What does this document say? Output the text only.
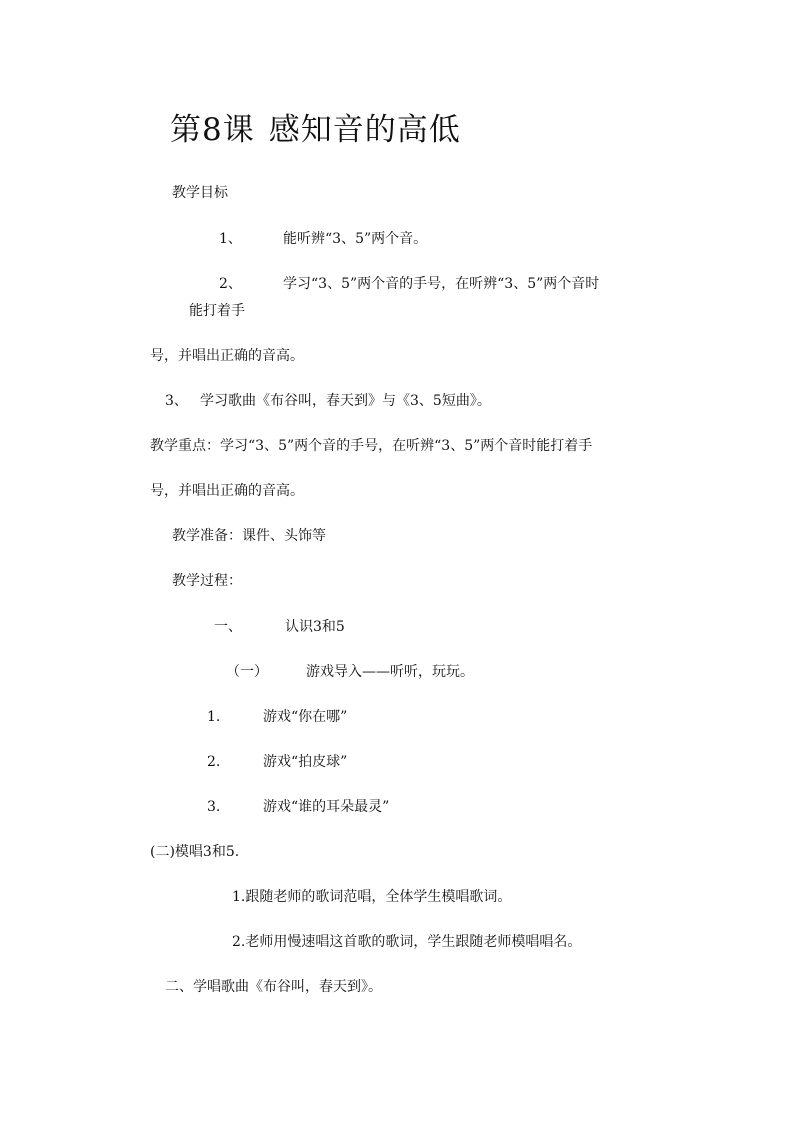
第8课 感知音的高低
教学目标
1、	能听辨“3、5”两个音。
2、	学习“3、5”两个音的手号，在听辨“3、5”两个音时
能打着手
号，并唱出正确的音高。
3、 学习歌曲《布谷叫，春天到》与《3、5短曲》。
教学重点：学习“3、5”两个音的手号，在听辨“3、5”两个音时能打着手
号，并唱出正确的音高。
教学准备：课件、头饰等
教学过程：
一、	认识3和5
（一）	游戏导入——听听，玩玩。
1.	游戏“你在哪”
2.	游戏“拍皮球”
3.	游戏“谁的耳朵最灵”
(二)模唱3和5.
1.跟随老师的歌词范唱，全体学生模唱歌词。
2.老师用慢速唱这首歌的歌词，学生跟随老师模唱唱名。
二、学唱歌曲《布谷叫，春天到》。
